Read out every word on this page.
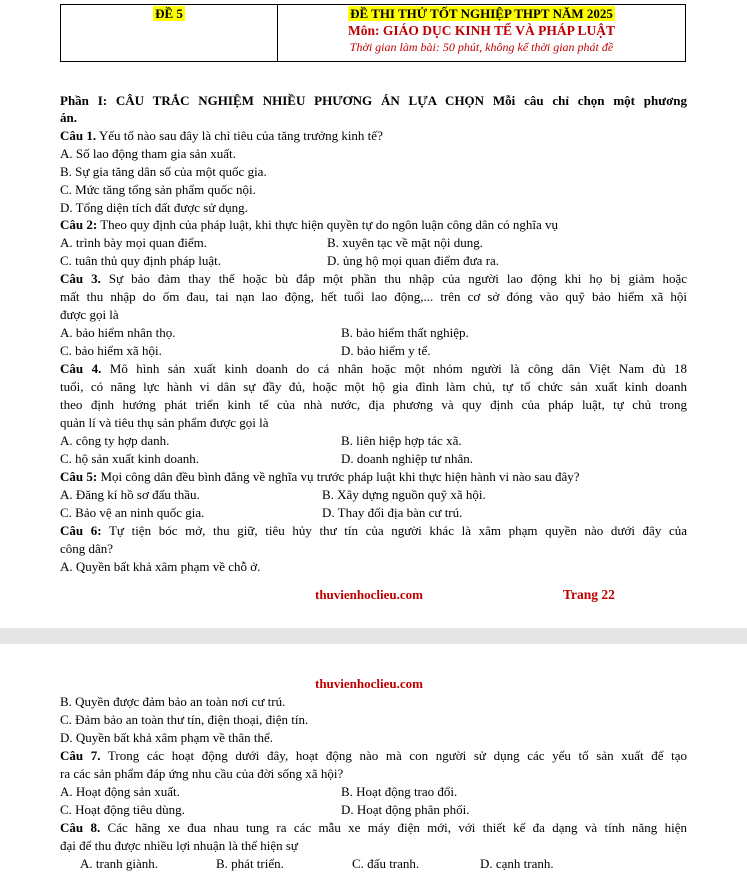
ĐỀ 5	ĐỀ THI THỬ TỐT NGHIỆP THPT NĂM 2025
Môn: GIÁO DỤC KINH TẾ VÀ PHÁP LUẬT
Thời gian làm bài: 50 phút, không kể thời gian phát đề
Phần I: CÂU TRẮC NGHIỆM NHIỀU PHƯƠNG ÁN LỰA CHỌN Mỗi câu chỉ chọn một phương
án.
Câu 1. Yếu tố nào sau đây là chỉ tiêu của tăng trưởng kinh tế?
A. Số lao động tham gia sản xuất.
B. Sự gia tăng dân số của một quốc gia.
C. Mức tăng tổng sản phẩm quốc nội.
D. Tổng diện tích đất được sử dụng.
Câu 2: Theo quy định của pháp luật, khi thực hiện quyền tự do ngôn luận công dân có nghĩa vụ
A. trình bày mọi quan điểm.	B. xuyên tạc về mặt nội dung.
C. tuân thủ quy định pháp luật.	D. ủng hộ mọi quan điểm đưa ra.
Câu 3. Sự bảo đảm thay thế hoặc bù đắp một phần thu nhập của người lao động khi họ bị giảm hoặc
mất thu nhập do ốm đau, tai nạn lao động, hết tuổi lao động,... trên cơ sở đóng vào quỹ bảo hiểm xã hội
được gọi là
A. bảo hiểm nhân thọ.	B. bảo hiểm thất nghiệp.
C. bảo hiểm xã hội.	D. bảo hiểm y tế.
Câu 4. Mô hình sản xuất kinh doanh do cá nhân hoặc một nhóm người là công dân Việt Nam đủ 18
tuổi, có năng lực hành vi dân sự đầy đủ, hoặc một hộ gia đình làm chủ, tự tổ chức sản xuất kinh doanh
theo định hướng phát triển kinh tế của nhà nước, địa phương và quy định của pháp luật, tự chủ trong
quản lí và tiêu thụ sản phẩm được gọi là
A. công ty hợp danh.	B. liên hiệp hợp tác xã.
C. hộ sản xuất kinh doanh.	D. doanh nghiệp tư nhân.
Câu 5: Mọi công dân đều bình đẳng về nghĩa vụ trước pháp luật khi thực hiện hành vi nào sau đây?
A. Đăng kí hồ sơ đấu thầu.	B. Xây dựng nguồn quỹ xã hội.
C. Bảo vệ an ninh quốc gia.	D. Thay đổi địa bàn cư trú.
Câu 6: Tự tiện bóc mở, thu giữ, tiêu hủy thư tín của người khác là xâm phạm quyền nào dưới đây của
công dân?
A. Quyền bất khả xâm phạm về chỗ ở.
thuvienhoclieu.com	Trang 22
thuvienhoclieu.com
B. Quyền được đảm bảo an toàn nơi cư trú.
C. Đảm bảo an toàn thư tín, điện thoại, điện tín.
D. Quyền bất khả xâm phạm về thân thể.
Câu 7. Trong các hoạt động dưới đây, hoạt động nào mà con người sử dụng các yếu tố sản xuất để tạo
ra các sản phẩm đáp ứng nhu cầu của đời sống xã hội?
A. Hoạt động sản xuất.	B. Hoạt động trao đổi.
C. Hoạt động tiêu dùng.	D. Hoạt động phân phối.
Câu 8. Các hãng xe đua nhau tung ra các mẫu xe máy điện mới, với thiết kế đa dạng và tính năng hiện
đại để thu được nhiều lợi nhuận là thể hiện sự
A. tranh giành.	B. phát triển.	C. đấu tranh.	D. cạnh tranh.
